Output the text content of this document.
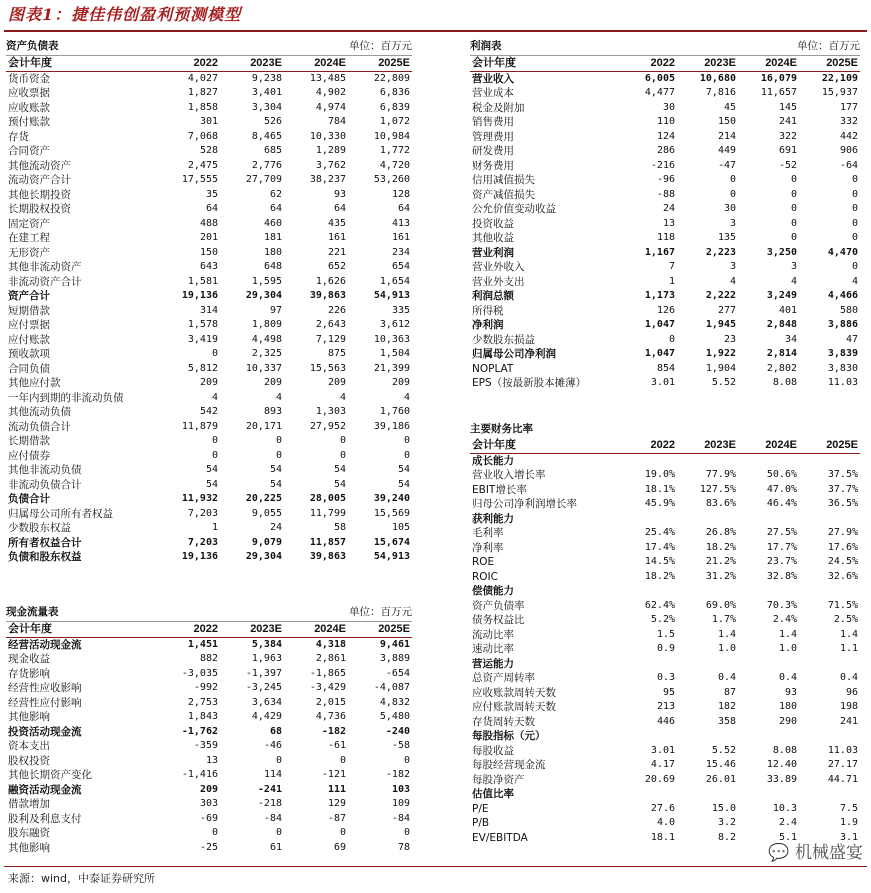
图表1：捷佳伟创盈利预测模型
资产负债表	单位：百万元
会计年度	2022	2023E	2024E	2025E
货币资金	4,027	9,238	13,485	22,809
应收票据	1,827	3,401	4,902	6,836
应收账款	1,858	3,304	4,974	6,839
预付账款	301	526	784	1,072
存货	7,068	8,465	10,330	10,984
合同资产	528	685	1,289	1,772
其他流动资产	2,475	2,776	3,762	4,720
流动资产合计	17,555	27,709	38,237	53,260
其他长期投资	35	62	93	128
长期股权投资	64	64	64	64
固定资产	488	460	435	413
在建工程	201	181	161	161
无形资产	150	180	221	234
其他非流动资产	643	648	652	654
非流动资产合计	1,581	1,595	1,626	1,654
资产合计	19,136	29,304	39,863	54,913
短期借款	314	97	226	335
应付票据	1,578	1,809	2,643	3,612
应付账款	3,419	4,498	7,129	10,363
预收款项	0	2,325	875	1,504
合同负债	5,812	10,337	15,563	21,399
其他应付款	209	209	209	209
一年内到期的非流动负债	4	4	4	4
其他流动负债	542	893	1,303	1,760
流动负债合计	11,879	20,171	27,952	39,186
长期借款	0	0	0	0
应付债券	0	0	0	0
其他非流动负债	54	54	54	54
非流动负债合计	54	54	54	54
负债合计	11,932	20,225	28,005	39,240
归属母公司所有者权益	7,203	9,055	11,799	15,569
少数股东权益	1	24	58	105
所有者权益合计	7,203	9,079	11,857	15,674
负债和股东权益	19,136	29,304	39,863	54,913
现金流量表	单位：百万元
会计年度	2022	2023E	2024E	2025E
经营活动现金流	1,451	5,384	4,318	9,461
现金收益	882	1,963	2,861	3,889
存货影响	-3,035	-1,397	-1,865	-654
经营性应收影响	-992	-3,245	-3,429	-4,087
经营性应付影响	2,753	3,634	2,015	4,832
其他影响	1,843	4,429	4,736	5,480
投资活动现金流	-1,762	68	-182	-240
资本支出	-359	-46	-61	-58
股权投资	13	0	0	0
其他长期资产变化	-1,416	114	-121	-182
融资活动现金流	209	-241	111	103
借款增加	303	-218	129	109
股利及利息支付	-69	-84	-87	-84
股东融资	0	0	0	0
其他影响	-25	61	69	78
利润表	单位：百万元
会计年度	2022	2023E	2024E	2025E
营业收入	6,005	10,680	16,079	22,109
营业成本	4,477	7,816	11,657	15,937
税金及附加	30	45	145	177
销售费用	110	150	241	332
管理费用	124	214	322	442
研发费用	286	449	691	906
财务费用	-216	-47	-52	-64
信用减值损失	-96	0	0	0
资产减值损失	-88	0	0	0
公允价值变动收益	24	30	0	0
投资收益	13	3	0	0
其他收益	118	135	0	0
营业利润	1,167	2,223	3,250	4,470
营业外收入	7	3	3	0
营业外支出	1	4	4	4
利润总额	1,173	2,222	3,249	4,466
所得税	126	277	401	580
净利润	1,047	1,945	2,848	3,886
少数股东损益	0	23	34	47
归属母公司净利润	1,047	1,922	2,814	3,839
NOPLAT	854	1,904	2,802	3,830
EPS（按最新股本摊薄）	3.01	5.52	8.08	11.03
主要财务比率
会计年度	2022	2023E	2024E	2025E
成长能力				
营业收入增长率	19.0%	77.9%	50.6%	37.5%
EBIT增长率	18.1%	127.5%	47.0%	37.7%
归母公司净利润增长率	45.9%	83.6%	46.4%	36.5%
获利能力				
毛利率	25.4%	26.8%	27.5%	27.9%
净利率	17.4%	18.2%	17.7%	17.6%
ROE	14.5%	21.2%	23.7%	24.5%
ROIC	18.2%	31.2%	32.8%	32.6%
偿债能力				
资产负债率	62.4%	69.0%	70.3%	71.5%
债务权益比	5.2%	1.7%	2.4%	2.5%
流动比率	1.5	1.4	1.4	1.4
速动比率	0.9	1.0	1.0	1.1
营运能力				
总资产周转率	0.3	0.4	0.4	0.4
应收账款周转天数	95	87	93	96
应付账款周转天数	213	182	180	198
存货周转天数	446	358	290	241
每股指标（元）				
每股收益	3.01	5.52	8.08	11.03
每股经营现金流	4.17	15.46	12.40	27.17
每股净资产	20.69	26.01	33.89	44.71
估值比率				
P/E	27.6	15.0	10.3	7.5
P/B	4.0	3.2	2.4	1.9
EV/EBITDA	18.1	8.2	5.1	3.1
💬 机械盛宴
来源：wind，中泰证券研究所
